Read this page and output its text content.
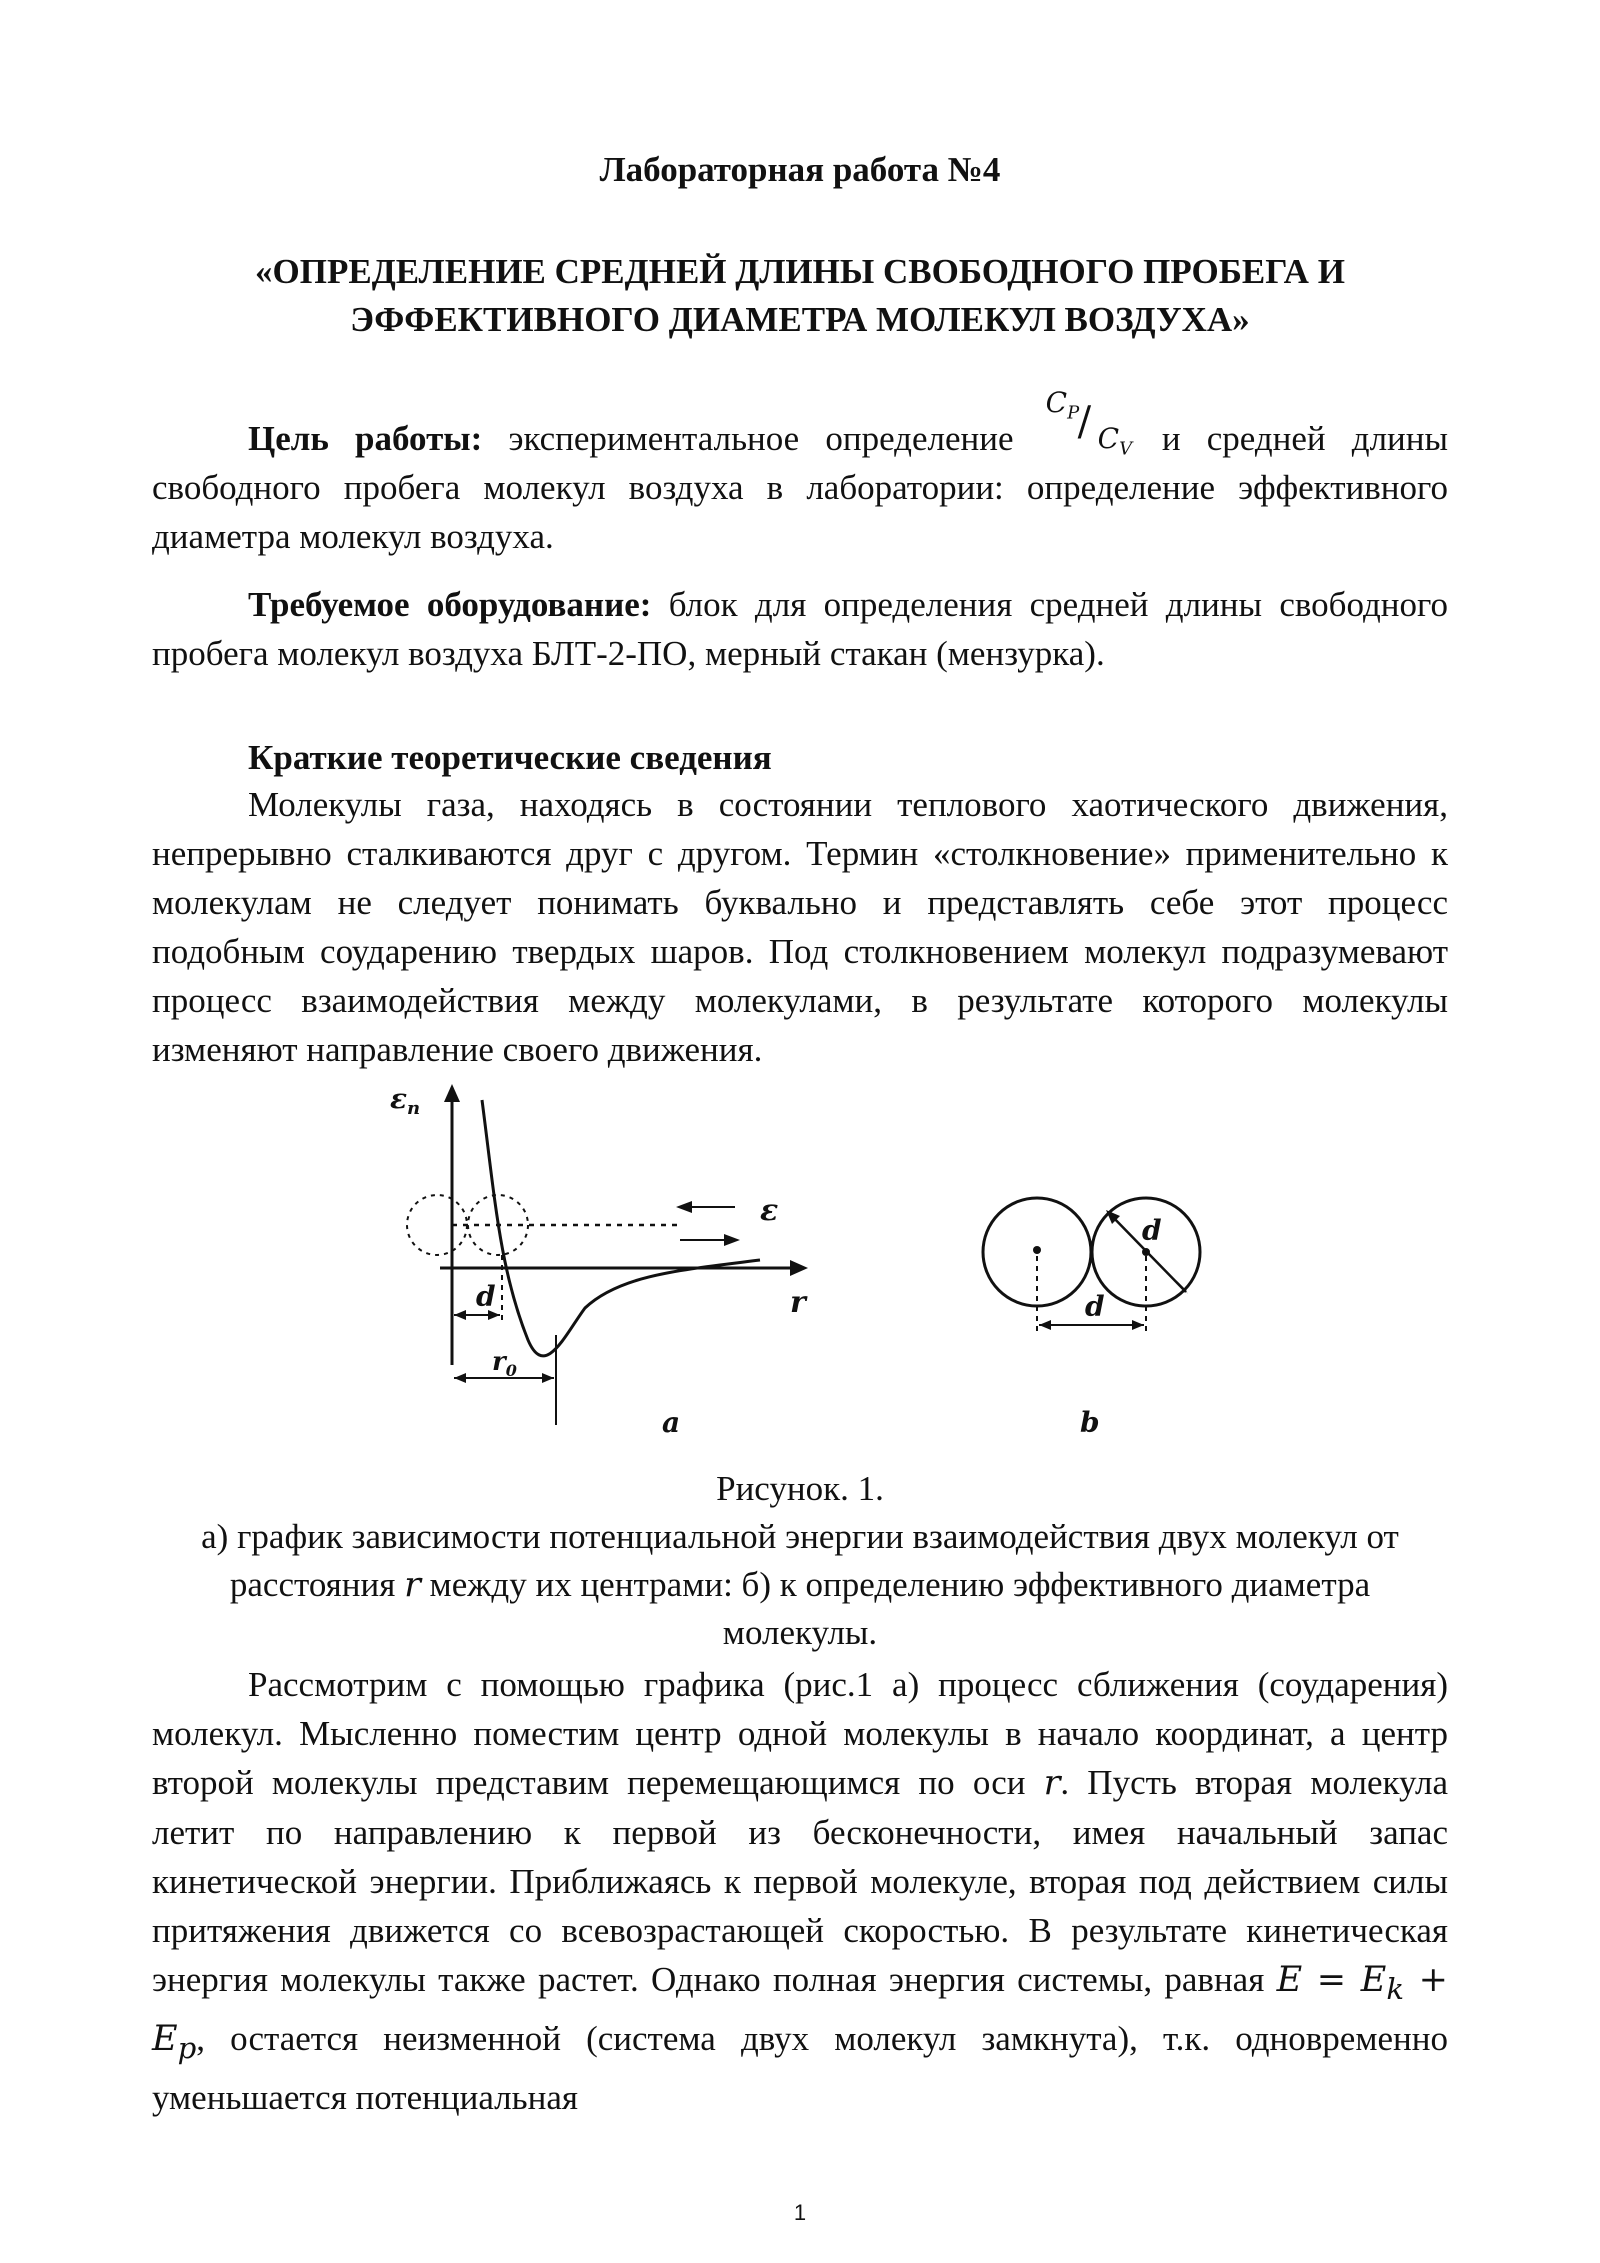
Лабораторная работа №4
«ОПРЕДЕЛЕНИЕ СРЕДНЕЙ ДЛИНЫ СВОБОДНОГО ПРОБЕГА И
ЭФФЕКТИВНОГО ДИАМЕТРА МОЛЕКУЛ ВОЗДУХА»
Цель работы: экспериментальное определение
$C_P$
/ $C_V$ и средней длины свободного пробега молекул воздуха в лаборатории: определение эффективного диаметра молекул воздуха.
Требуемое оборудование: блок для определения средней длины свободного пробега молекул воздуха БЛТ-2-ПО, мерный стакан (мензурка).
Краткие теоретические сведения
Молекулы газа, находясь в состоянии теплового хаотического движения, непрерывно сталкиваются друг с другом. Термин «столкновение» применительно к молекулам не следует понимать буквально и представлять себе этот процесс подобным соударению твердых шаров. Под столкновением молекул подразумевают процесс взаимодействия между молекулами, в результате которого молекулы изменяют направление своего движения.
$\varepsilon_n$
ε
r
d
$r_0$
a
d
d
b
Рисунок. 1.
а) график зависимости потенциальной энергии взаимодействия двух молекул от
расстояния r между их центрами: б) к определению эффективного диаметра
молекулы.
Рассмотрим с помощью графика (рис.1 а) процесс сближения (соударения) молекул. Мысленно поместим центр одной молекулы в начало координат, а центр второй молекулы представим перемещающимся по оси r. Пусть вторая молекула летит по направлению к первой из бесконечности, имея начальный запас кинетической энергии. Приближаясь к первой молекуле, вторая под действием силы притяжения движется со всевозрастающей скоростью. В результате кинетическая энергия молекулы также растет. Однако полная энергия системы, равная $E = E_k + E_p$, остается неизменной (система двух молекул замкнута), т.к. одновременно уменьшается потенциальная
1
